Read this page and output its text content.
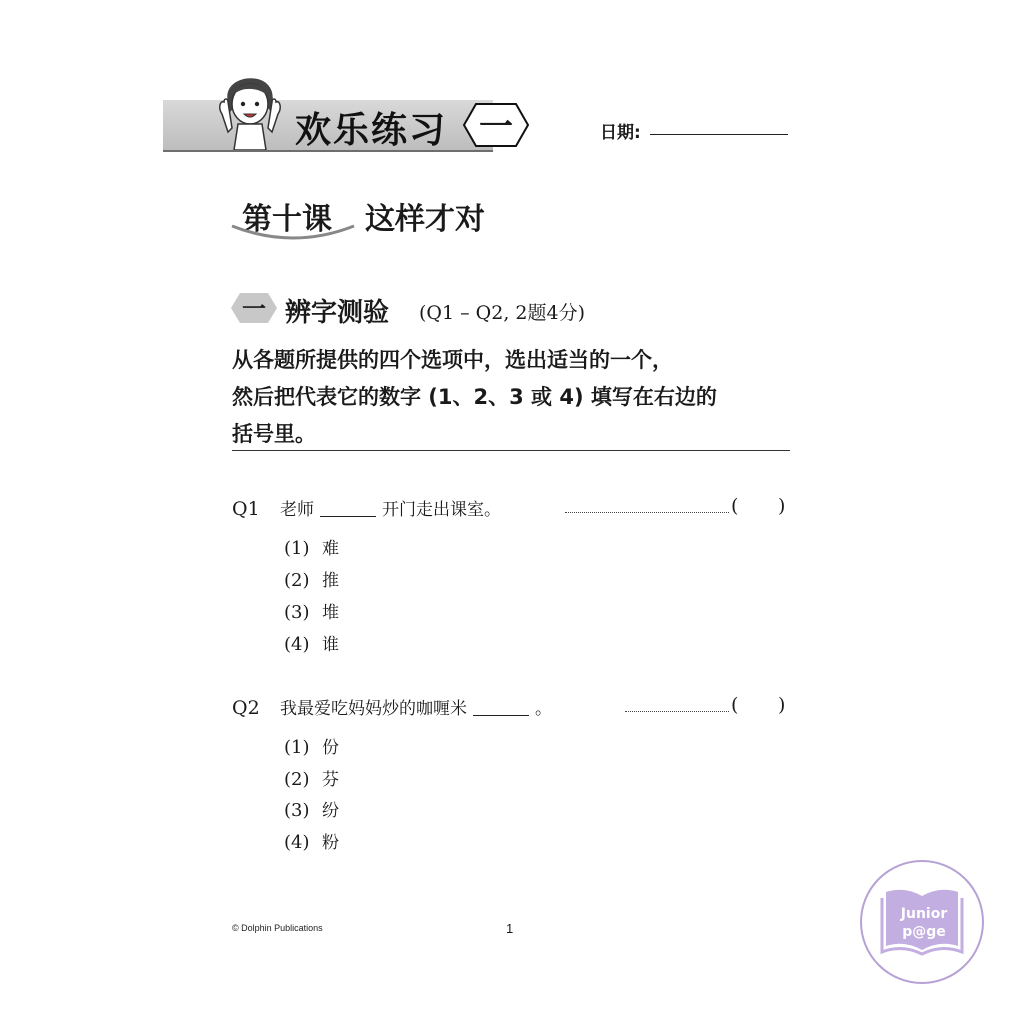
欢乐练习 一	日期:
第十课 这样才对
一 辨字测验 (Q1 – Q2, 2题4分)
从各题所提供的四个选项中，选出适当的一个，
然后把代表它的数字 (1、2、3 或 4) 填写在右边的
括号里。
Q1 老师	开门走出课室。	( )
(1) 难
(2) 推
(3) 堆
(4) 谁
Q2 我最爱吃妈妈炒的咖喱米	。	( )
(1) 份
(2) 芬
(3) 纷
(4) 粉
© Dolphin Publications	1
Junior
p@ge
